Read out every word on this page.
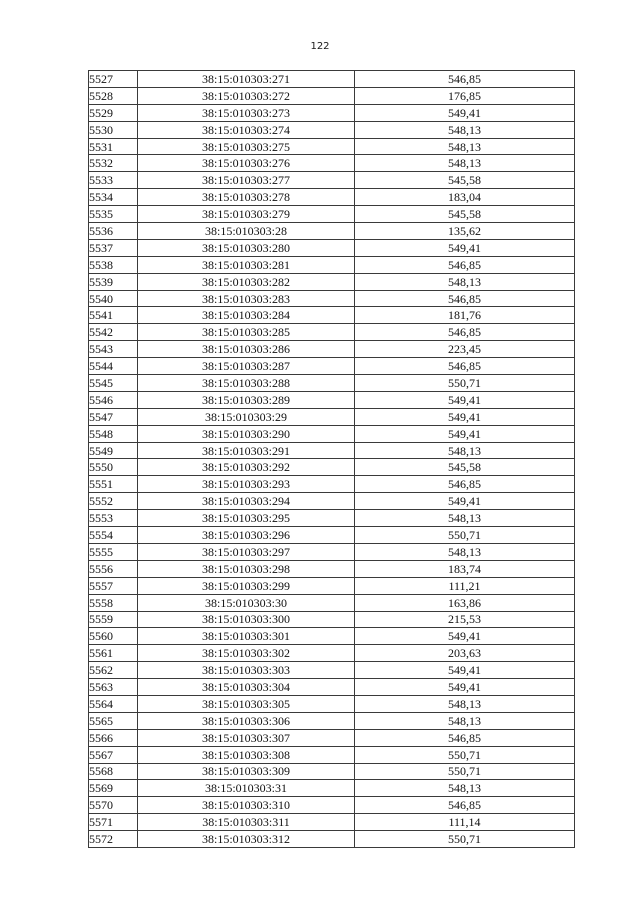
122
5527	38:15:010303:271	546,85
5528	38:15:010303:272	176,85
5529	38:15:010303:273	549,41
5530	38:15:010303:274	548,13
5531	38:15:010303:275	548,13
5532	38:15:010303:276	548,13
5533	38:15:010303:277	545,58
5534	38:15:010303:278	183,04
5535	38:15:010303:279	545,58
5536	38:15:010303:28	135,62
5537	38:15:010303:280	549,41
5538	38:15:010303:281	546,85
5539	38:15:010303:282	548,13
5540	38:15:010303:283	546,85
5541	38:15:010303:284	181,76
5542	38:15:010303:285	546,85
5543	38:15:010303:286	223,45
5544	38:15:010303:287	546,85
5545	38:15:010303:288	550,71
5546	38:15:010303:289	549,41
5547	38:15:010303:29	549,41
5548	38:15:010303:290	549,41
5549	38:15:010303:291	548,13
5550	38:15:010303:292	545,58
5551	38:15:010303:293	546,85
5552	38:15:010303:294	549,41
5553	38:15:010303:295	548,13
5554	38:15:010303:296	550,71
5555	38:15:010303:297	548,13
5556	38:15:010303:298	183,74
5557	38:15:010303:299	111,21
5558	38:15:010303:30	163,86
5559	38:15:010303:300	215,53
5560	38:15:010303:301	549,41
5561	38:15:010303:302	203,63
5562	38:15:010303:303	549,41
5563	38:15:010303:304	549,41
5564	38:15:010303:305	548,13
5565	38:15:010303:306	548,13
5566	38:15:010303:307	546,85
5567	38:15:010303:308	550,71
5568	38:15:010303:309	550,71
5569	38:15:010303:31	548,13
5570	38:15:010303:310	546,85
5571	38:15:010303:311	111,14
5572	38:15:010303:312	550,71
